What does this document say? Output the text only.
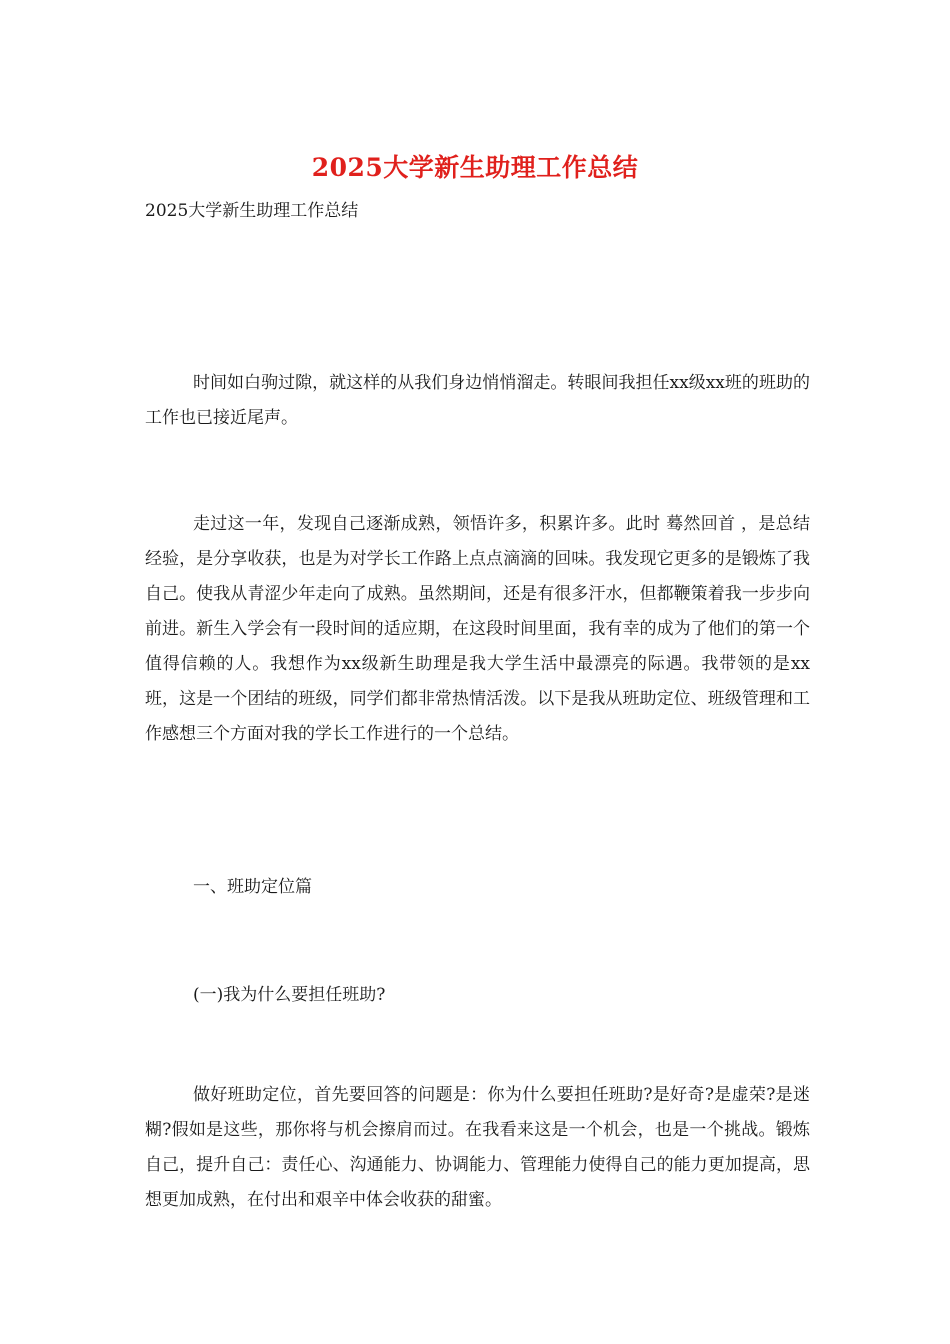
2025大学新生助理工作总结

2025大学新生助理工作总结

时间如白驹过隙，就这样的从我们身边悄悄溜走。转眼间我担任xx级xx班的班助的工作也已接近尾声。

走过这一年，发现自己逐渐成熟，领悟许多，积累许多。此时 蓦然回首 ，是总结经验，是分享收获，也是为对学长工作路上点点滴滴的回味。我发现它更多的是锻炼了我自己。使我从青涩少年走向了成熟。虽然期间，还是有很多汗水，但都鞭策着我一步步向前进。新生入学会有一段时间的适应期，在这段时间里面，我有幸的成为了他们的第一个值得信赖的人。我想作为xx级新生助理是我大学生活中最漂亮的际遇。我带领的是xx班，这是一个团结的班级，同学们都非常热情活泼。以下是我从班助定位、班级管理和工作感想三个方面对我的学长工作进行的一个总结。

一、班助定位篇

(一)我为什么要担任班助?

做好班助定位，首先要回答的问题是：你为什么要担任班助?是好奇?是虚荣?是迷糊?假如是这些，那你将与机会擦肩而过。在我看来这是一个机会，也是一个挑战。锻炼自己，提升自己：责任心、沟通能力、协调能力、管理能力使得自己的能力更加提高，思想更加成熟，在付出和艰辛中体会收获的甜蜜。
